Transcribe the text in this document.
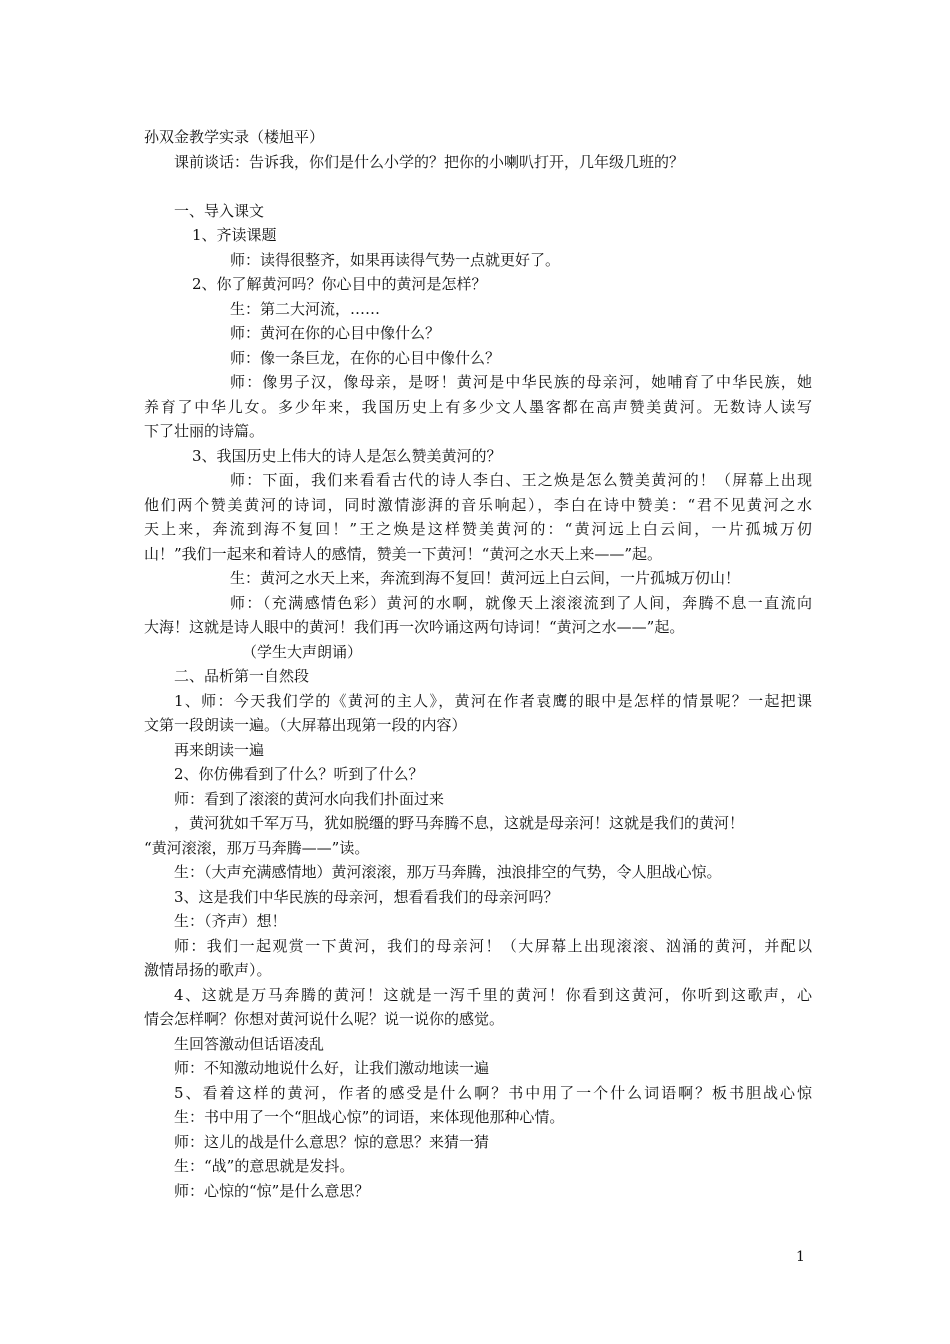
孙双金教学实录（楼旭平）
课前谈话：告诉我，你们是什么小学的？把你的小喇叭打开，几年级几班的？
一、导入课文
1、齐读课题
师：读得很整齐，如果再读得气势一点就更好了。
2、你了解黄河吗？你心目中的黄河是怎样？
生：第二大河流，……
师：黄河在你的心目中像什么？
师：像一条巨龙，在你的心目中像什么？
师：像男子汉，像母亲，是呀！黄河是中华民族的母亲河，她哺育了中华民族，她
养育了中华儿女。多少年来，我国历史上有多少文人墨客都在高声赞美黄河。无数诗人读写
下了壮丽的诗篇。
3、我国历史上伟大的诗人是怎么赞美黄河的？
师：下面，我们来看看古代的诗人李白、王之焕是怎么赞美黄河的！（屏幕上出现
他们两个赞美黄河的诗词，同时激情澎湃的音乐响起），李白在诗中赞美：“君不见黄河之水
天上来，奔流到海不复回！”王之焕是这样赞美黄河的：“黄河远上白云间，一片孤城万仞
山！”我们一起来和着诗人的感情，赞美一下黄河！“黄河之水天上来——”起。
生：黄河之水天上来，奔流到海不复回！黄河远上白云间，一片孤城万仞山！
师：（充满感情色彩）黄河的水啊，就像天上滚滚流到了人间，奔腾不息一直流向
大海！这就是诗人眼中的黄河！我们再一次吟诵这两句诗词！“黄河之水——”起。
（学生大声朗诵）
二、品析第一自然段
1、师：今天我们学的《黄河的主人》，黄河在作者袁鹰的眼中是怎样的情景呢？一起把课
文第一段朗读一遍。（大屏幕出现第一段的内容）
再来朗读一遍
2、你仿佛看到了什么？听到了什么？
师：看到了滚滚的黄河水向我们扑面过来
，黄河犹如千军万马，犹如脱缰的野马奔腾不息，这就是母亲河！这就是我们的黄河！
“黄河滚滚，那万马奔腾——”读。
生：（大声充满感情地）黄河滚滚，那万马奔腾，浊浪排空的气势，令人胆战心惊。
3、这是我们中华民族的母亲河，想看看我们的母亲河吗？
生：（齐声）想！
师：我们一起观赏一下黄河，我们的母亲河！（大屏幕上出现滚滚、汹涌的黄河，并配以
激情昂扬的歌声）。
4、这就是万马奔腾的黄河！这就是一泻千里的黄河！你看到这黄河，你听到这歌声，心
情会怎样啊？你想对黄河说什么呢？说一说你的感觉。
生回答激动但话语凌乱
师：不知激动地说什么好，让我们激动地读一遍
5、看着这样的黄河，作者的感受是什么啊？书中用了一个什么词语啊？板书胆战心惊
生：书中用了一个“胆战心惊”的词语，来体现他那种心情。
师：这儿的战是什么意思？惊的意思？来猜一猜
生：“战”的意思就是发抖。
师：心惊的“惊”是什么意思？
1
